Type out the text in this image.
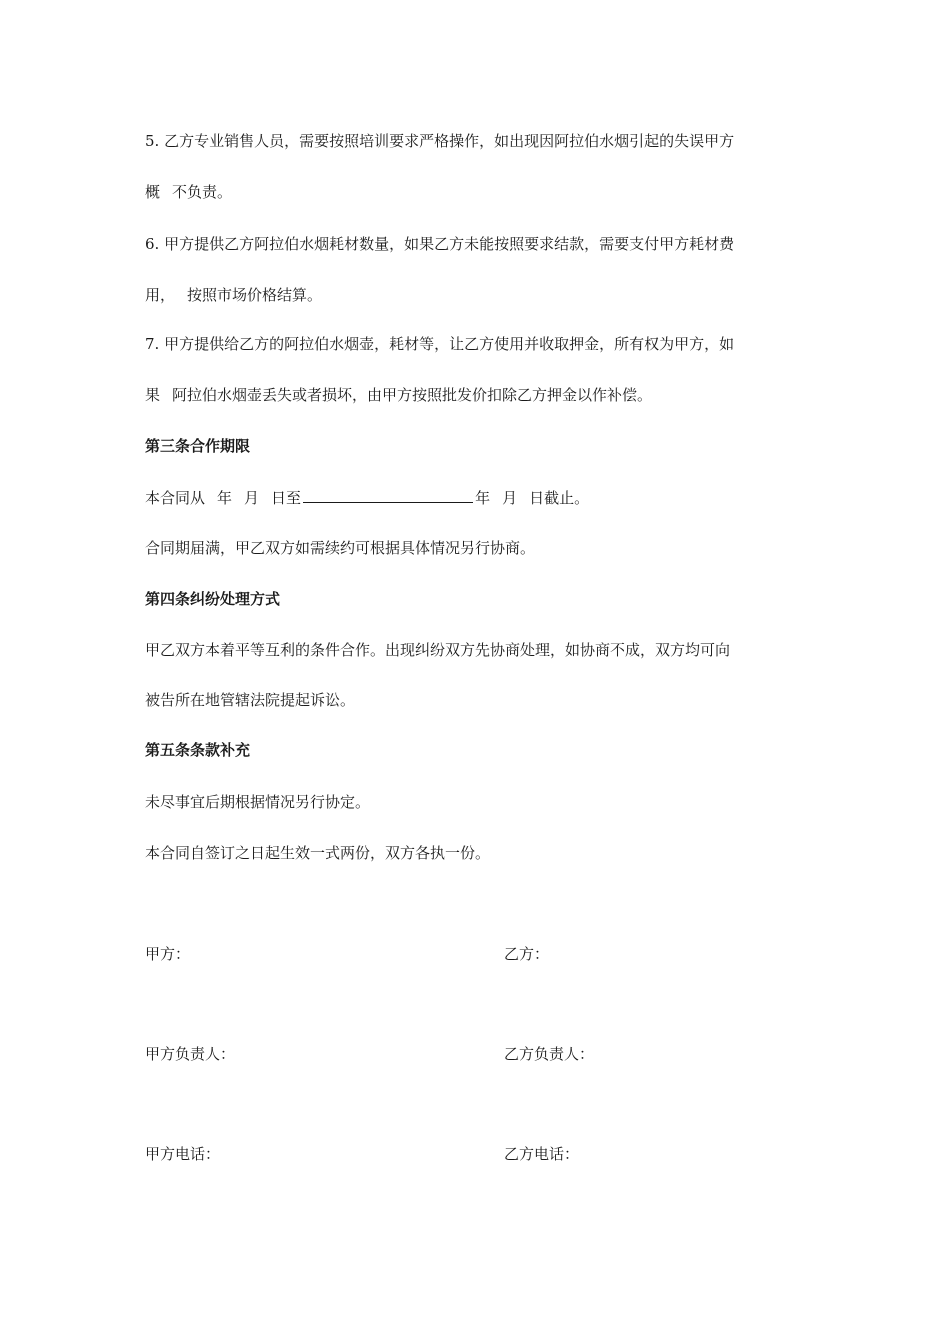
5. 乙方专业销售人员，需要按照培训要求严格操作，如出现因阿拉伯水烟引起的失误甲方
概 不负责。
6. 甲方提供乙方阿拉伯水烟耗材数量，如果乙方未能按照要求结款，需要支付甲方耗材费
用， 按照市场价格结算。
7. 甲方提供给乙方的阿拉伯水烟壶，耗材等，让乙方使用并收取押金，所有权为甲方，如
果 阿拉伯水烟壶丢失或者损坏，由甲方按照批发价扣除乙方押金以作补偿。
第三条合作期限
本合同从 年 月 日至	年 月 日截止。
合同期届满，甲乙双方如需续约可根据具体情况另行协商。
第四条纠纷处理方式
甲乙双方本着平等互利的条件合作。出现纠纷双方先协商处理，如协商不成，双方均可向
被告所在地管辖法院提起诉讼。
第五条条款补充
未尽事宜后期根据情况另行协定。
本合同自签订之日起生效一式两份，双方各执一份。
甲方：	乙方：
甲方负责人：	乙方负责人：
甲方电话：	乙方电话：
